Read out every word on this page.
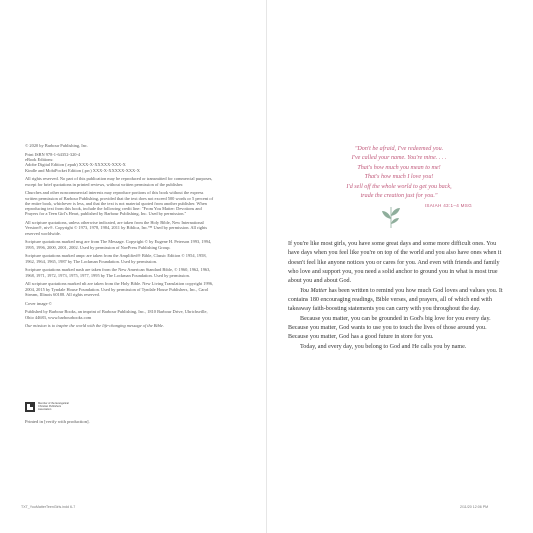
© 2020 by Barbour Publishing, Inc.

Print ISBN 978-1-64352-320-4

eBook Editions:

Adobe Digital Edition (.epub) XXX-X-XXXXX-XXX-X

Kindle and MobiPocket Edition (.prc) XXX-X-XXXXX-XXX-X

All rights reserved. No part of this publication may be reproduced or transmitted for commercial purposes, except for brief quotations in printed reviews, without written permission of the publisher.

Churches and other noncommercial interests may reproduce portions of this book without the express written permission of Barbour Publishing, provided that the text does not exceed 500 words or 5 percent of the entire book, whichever is less, and that the text is not material quoted from another publisher. When reproducing text from this book, include the following credit line: "From You Matter: Devotions and Prayers for a Teen Girl's Heart, published by Barbour Publishing, Inc. Used by permission."

All scripture quotations, unless otherwise indicated, are taken from the Holy Bible, New International Version®, niv®. Copyright © 1973, 1978, 1984, 2011 by Biblica, Inc.™ Used by permission. All rights reserved worldwide.

Scripture quotations marked msg are from The Message. Copyright © by Eugene H. Peterson 1993, 1994, 1995, 1996, 2000, 2001, 2002. Used by permission of NavPress Publishing Group.

Scripture quotations marked ampc are taken from the Amplified® Bible, Classic Edition © 1954, 1958, 1962, 1964, 1965, 1987 by The Lockman Foundation. Used by permission.

Scripture quotations marked nasb are taken from the New American Standard Bible, © 1960, 1962, 1963, 1968, 1971, 1972, 1973, 1975, 1977, 1995 by The Lockman Foundation. Used by permission.

All scripture quotations marked nlt are taken from the Holy Bible. New Living Translation copyright 1996, 2004, 2015 by Tyndale House Foundation. Used by permission of Tyndale House Publishers, Inc., Carol Stream, Illinois 60188. All rights reserved.

Cover image ©

Published by Barbour Books, an imprint of Barbour Publishing, Inc., 1810 Barbour Drive, Uhrichsville, Ohio 44683, www.barbourbooks.com

Our mission is to inspire the world with the life-changing message of the Bible.

Member of the Evangelical Christian Publishers Association
Printed in [verify with production].
"Don't be afraid, I've redeemed you.
I've called your name. You're mine. . . .
That's how much you mean to me!
That's how much I love you!
I'd sell off the whole world to get you back,
trade the creation just for you."
ISAIAH 43:1–4 MSG

If you're like most girls, you have some great days and some more difficult ones. You have days when you feel like you're on top of the world and you also have ones when it doesn't feel like anyone notices you or cares for you. And even with friends and family who love and support you, you need a solid anchor to ground you in what is most true about you and about God.

You Matter has been written to remind you how much God loves and values you. It contains 180 encouraging readings, Bible verses, and prayers, all of which end with takeaway faith-boosting statements you can carry with you throughout the day.

Because you matter, you can be grounded in God's big love for you every day. Because you matter, God wants to use you to touch the lives of those around you. Because you matter, God has a good future in store for you.

Today, and every day, you belong to God and He calls you by name.

TXT_YouMatterTeenGirls.indd 6-7	2/11/20 12:06 PM
